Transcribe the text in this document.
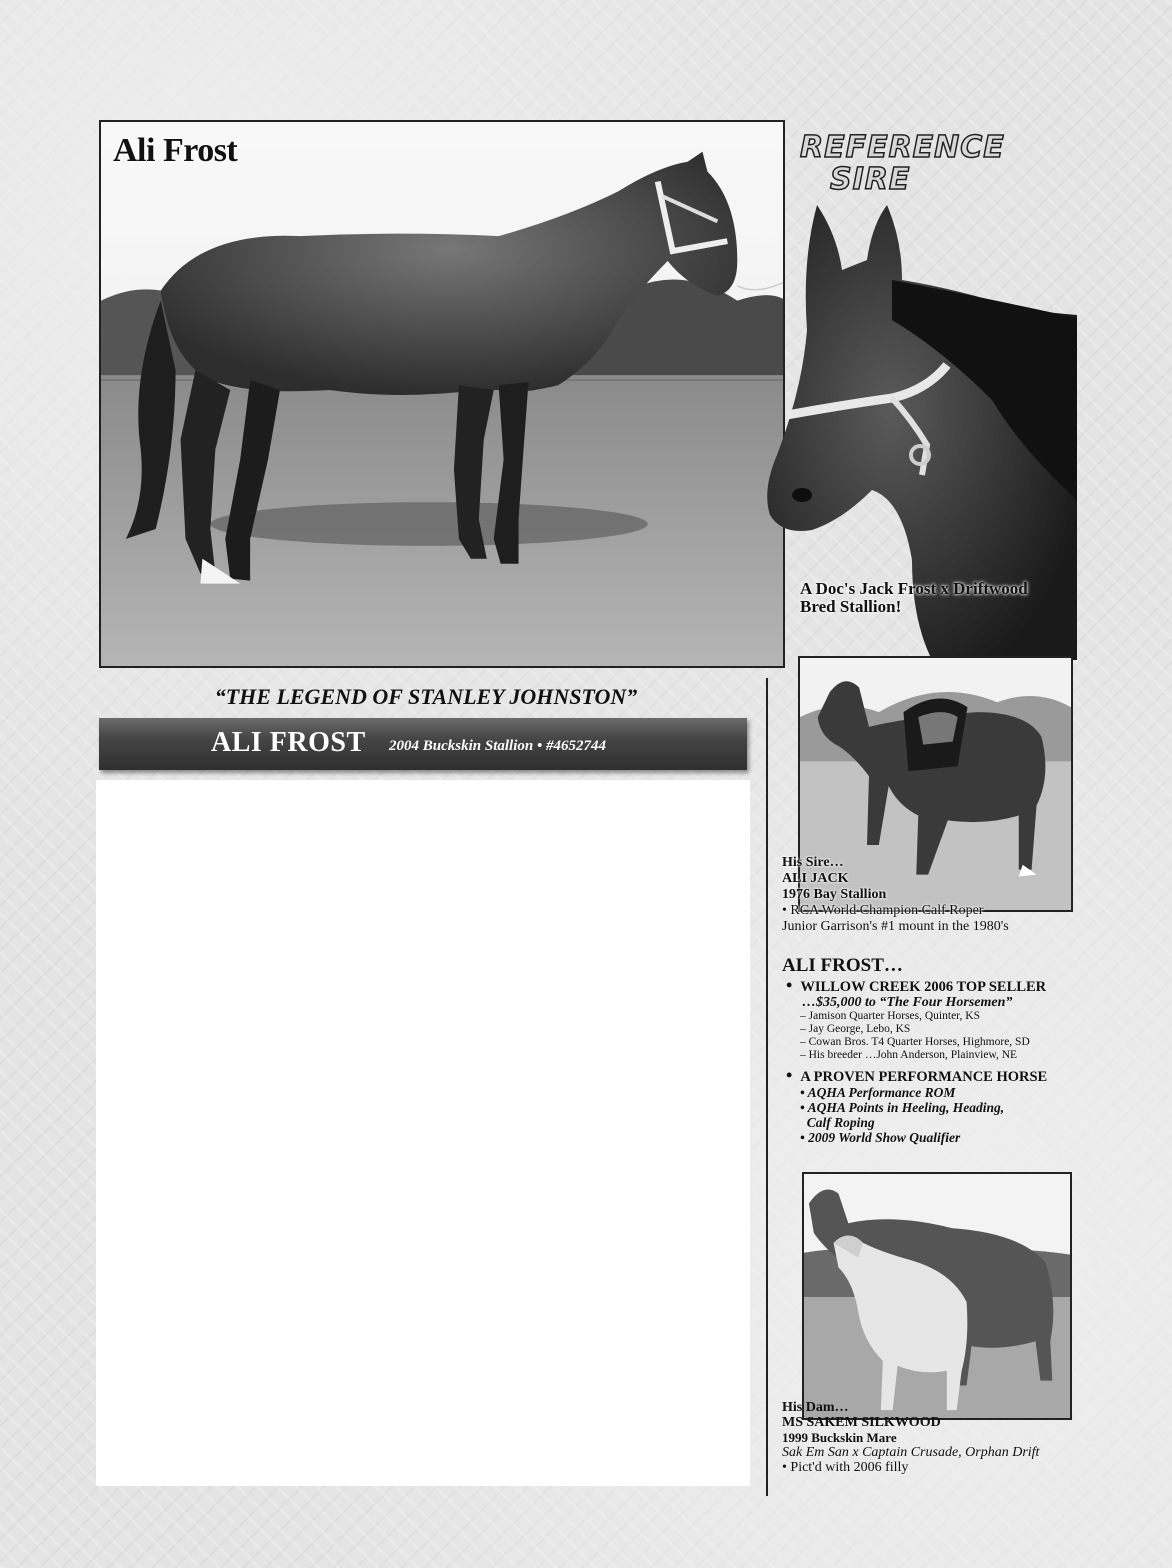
Ali Frost	REFERENCE
SIRE
A Doc's Jack Frost x Driftwood
Bred Stallion!
“THE LEGEND OF STANLEY JOHNSTON”
ALI FROST 2004 Buckskin Stallion • #4652744
His Sire…
ALI JACK
1976 Bay Stallion
• RCA World Champion Calf Roper
Junior Garrison's #1 mount in the 1980's
ALI FROST…
• WILLOW CREEK 2006 TOP SELLER
…$35,000 to “The Four Horsemen”
– Jamison Quarter Horses, Quinter, KS
– Jay George, Lebo, KS
– Cowan Bros. T4 Quarter Horses, Highmore, SD
– His breeder …John Anderson, Plainview, NE
• A PROVEN PERFORMANCE HORSE
• AQHA Performance ROM
• AQHA Points in Heeling, Heading,
Calf Roping
• 2009 World Show Qualifier
His Dam…
MS SAKEM SILKWOOD
1999 Buckskin Mare
Sak Em San x Captain Crusade, Orphan Drift
• Pict'd with 2006 filly
